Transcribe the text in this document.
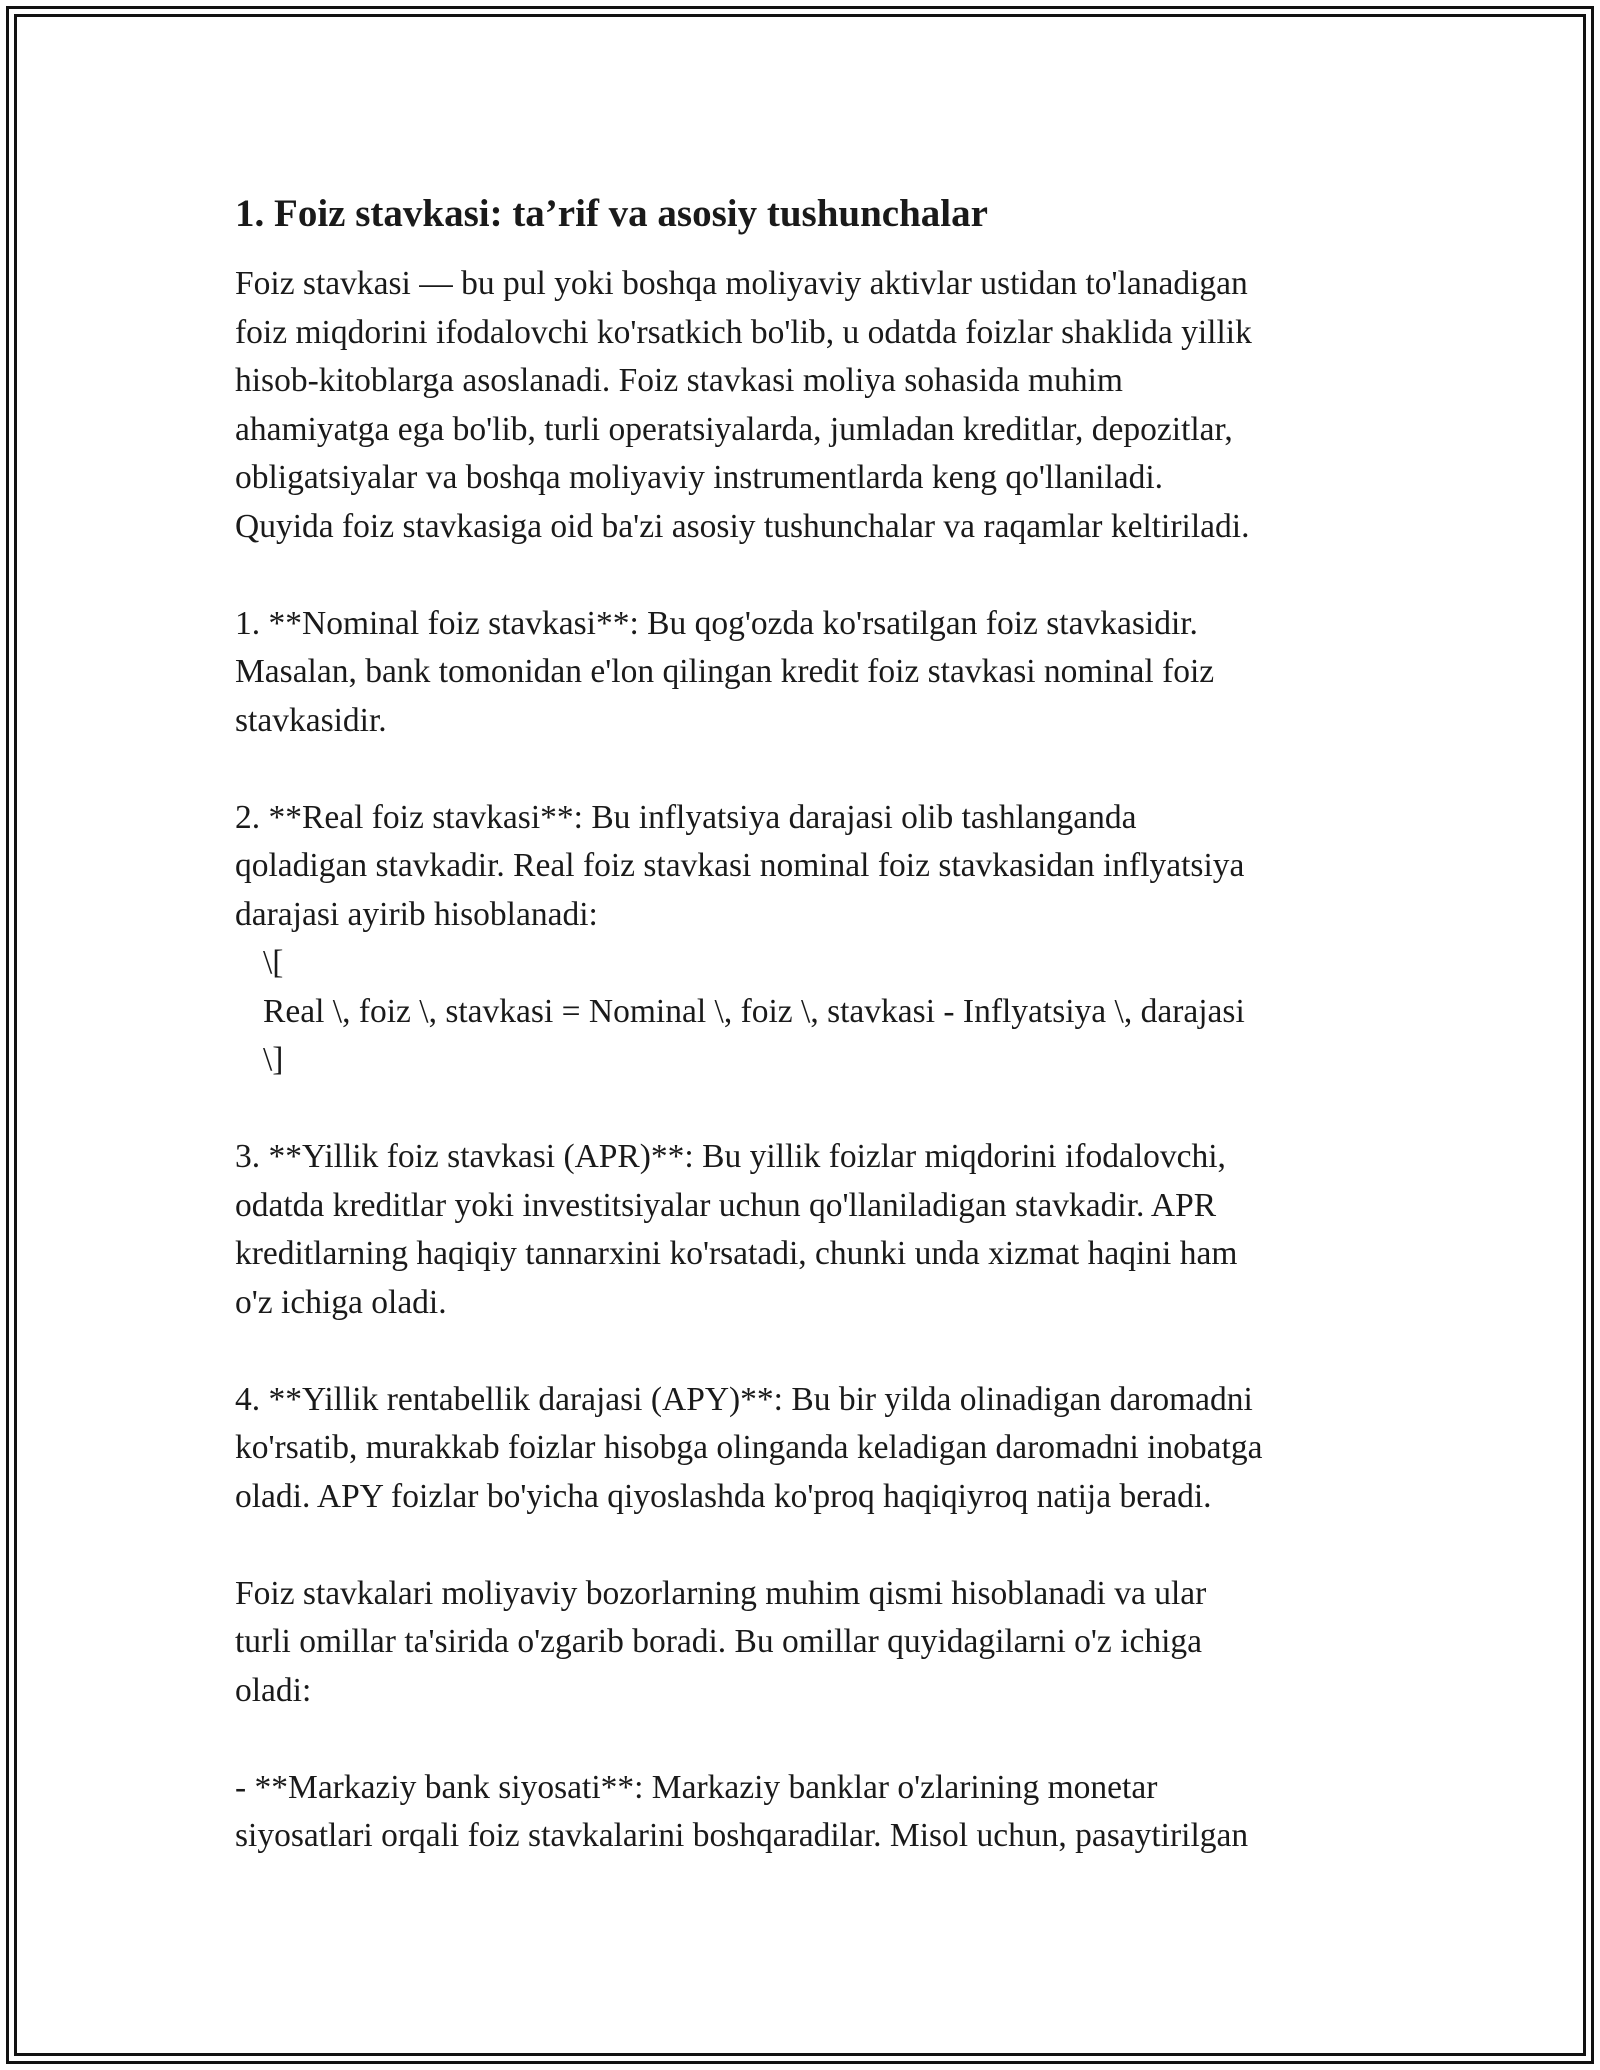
1. Foiz stavkasi: ta’rif va asosiy tushunchalar
Foiz stavkasi — bu pul yoki boshqa moliyaviy aktivlar ustidan to'lanadigan
foiz miqdorini ifodalovchi ko'rsatkich bo'lib, u odatda foizlar shaklida yillik
hisob-kitoblarga asoslanadi. Foiz stavkasi moliya sohasida muhim
ahamiyatga ega bo'lib, turli operatsiyalarda, jumladan kreditlar, depozitlar,
obligatsiyalar va boshqa moliyaviy instrumentlarda keng qo'llaniladi.
Quyida foiz stavkasiga oid ba'zi asosiy tushunchalar va raqamlar keltiriladi.
1. **Nominal foiz stavkasi**: Bu qog'ozda ko'rsatilgan foiz stavkasidir.
Masalan, bank tomonidan e'lon qilingan kredit foiz stavkasi nominal foiz
stavkasidir.
2. **Real foiz stavkasi**: Bu inflyatsiya darajasi olib tashlanganda
qoladigan stavkadir. Real foiz stavkasi nominal foiz stavkasidan inflyatsiya
darajasi ayirib hisoblanadi:
\[
Real \, foiz \, stavkasi = Nominal \, foiz \, stavkasi - Inflyatsiya \, darajasi
\]
3. **Yillik foiz stavkasi (APR)**: Bu yillik foizlar miqdorini ifodalovchi,
odatda kreditlar yoki investitsiyalar uchun qo'llaniladigan stavkadir. APR
kreditlarning haqiqiy tannarxini ko'rsatadi, chunki unda xizmat haqini ham
o'z ichiga oladi.
4. **Yillik rentabellik darajasi (APY)**: Bu bir yilda olinadigan daromadni
ko'rsatib, murakkab foizlar hisobga olinganda keladigan daromadni inobatga
oladi. APY foizlar bo'yicha qiyoslashda ko'proq haqiqiyroq natija beradi.
Foiz stavkalari moliyaviy bozorlarning muhim qismi hisoblanadi va ular
turli omillar ta'sirida o'zgarib boradi. Bu omillar quyidagilarni o'z ichiga
oladi:
- **Markaziy bank siyosati**: Markaziy banklar o'zlarining monetar
siyosatlari orqali foiz stavkalarini boshqaradilar. Misol uchun, pasaytirilgan
